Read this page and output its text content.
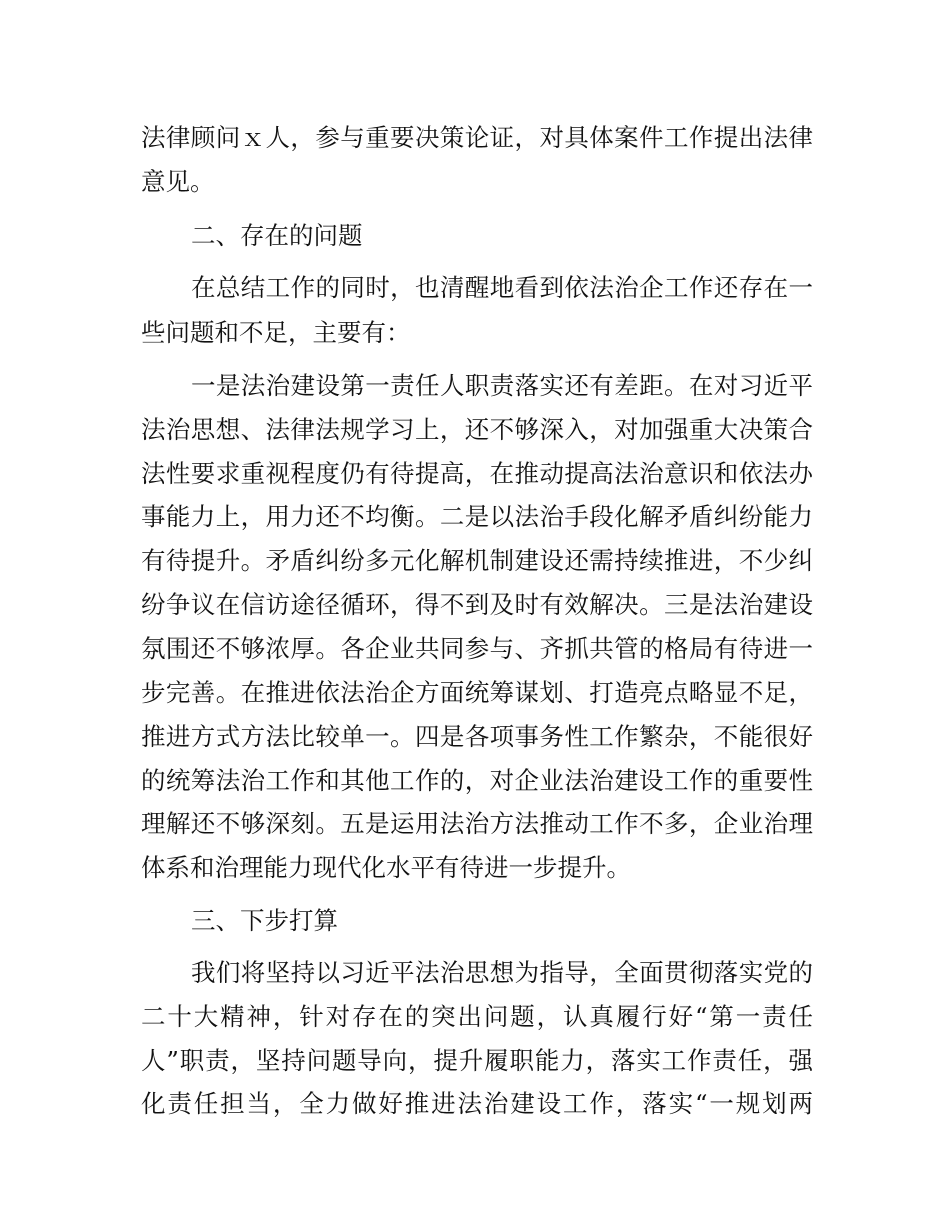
法律顾问ｘ人，参与重要决策论证，对具体案件工作提出法律
意见。
二、存在的问题
在总结工作的同时，也清醒地看到依法治企工作还存在一
些问题和不足，主要有：
一是法治建设第一责任人职责落实还有差距。在对习近平
法治思想、法律法规学习上，还不够深入，对加强重大决策合
法性要求重视程度仍有待提高，在推动提高法治意识和依法办
事能力上，用力还不均衡。二是以法治手段化解矛盾纠纷能力
有待提升。矛盾纠纷多元化解机制建设还需持续推进，不少纠
纷争议在信访途径循环，得不到及时有效解决。三是法治建设
氛围还不够浓厚。各企业共同参与、齐抓共管的格局有待进一
步完善。在推进依法治企方面统筹谋划、打造亮点略显不足，
推进方式方法比较单一。四是各项事务性工作繁杂，不能很好
的统筹法治工作和其他工作的，对企业法治建设工作的重要性
理解还不够深刻。五是运用法治方法推动工作不多，企业治理
体系和治理能力现代化水平有待进一步提升。
三、下步打算
我们将坚持以习近平法治思想为指导，全面贯彻落实党的
二十大精神，针对存在的突出问题，认真履行好“第一责任
人”职责，坚持问题导向，提升履职能力，落实工作责任，强
化责任担当，全力做好推进法治建设工作，落实“一规划两
